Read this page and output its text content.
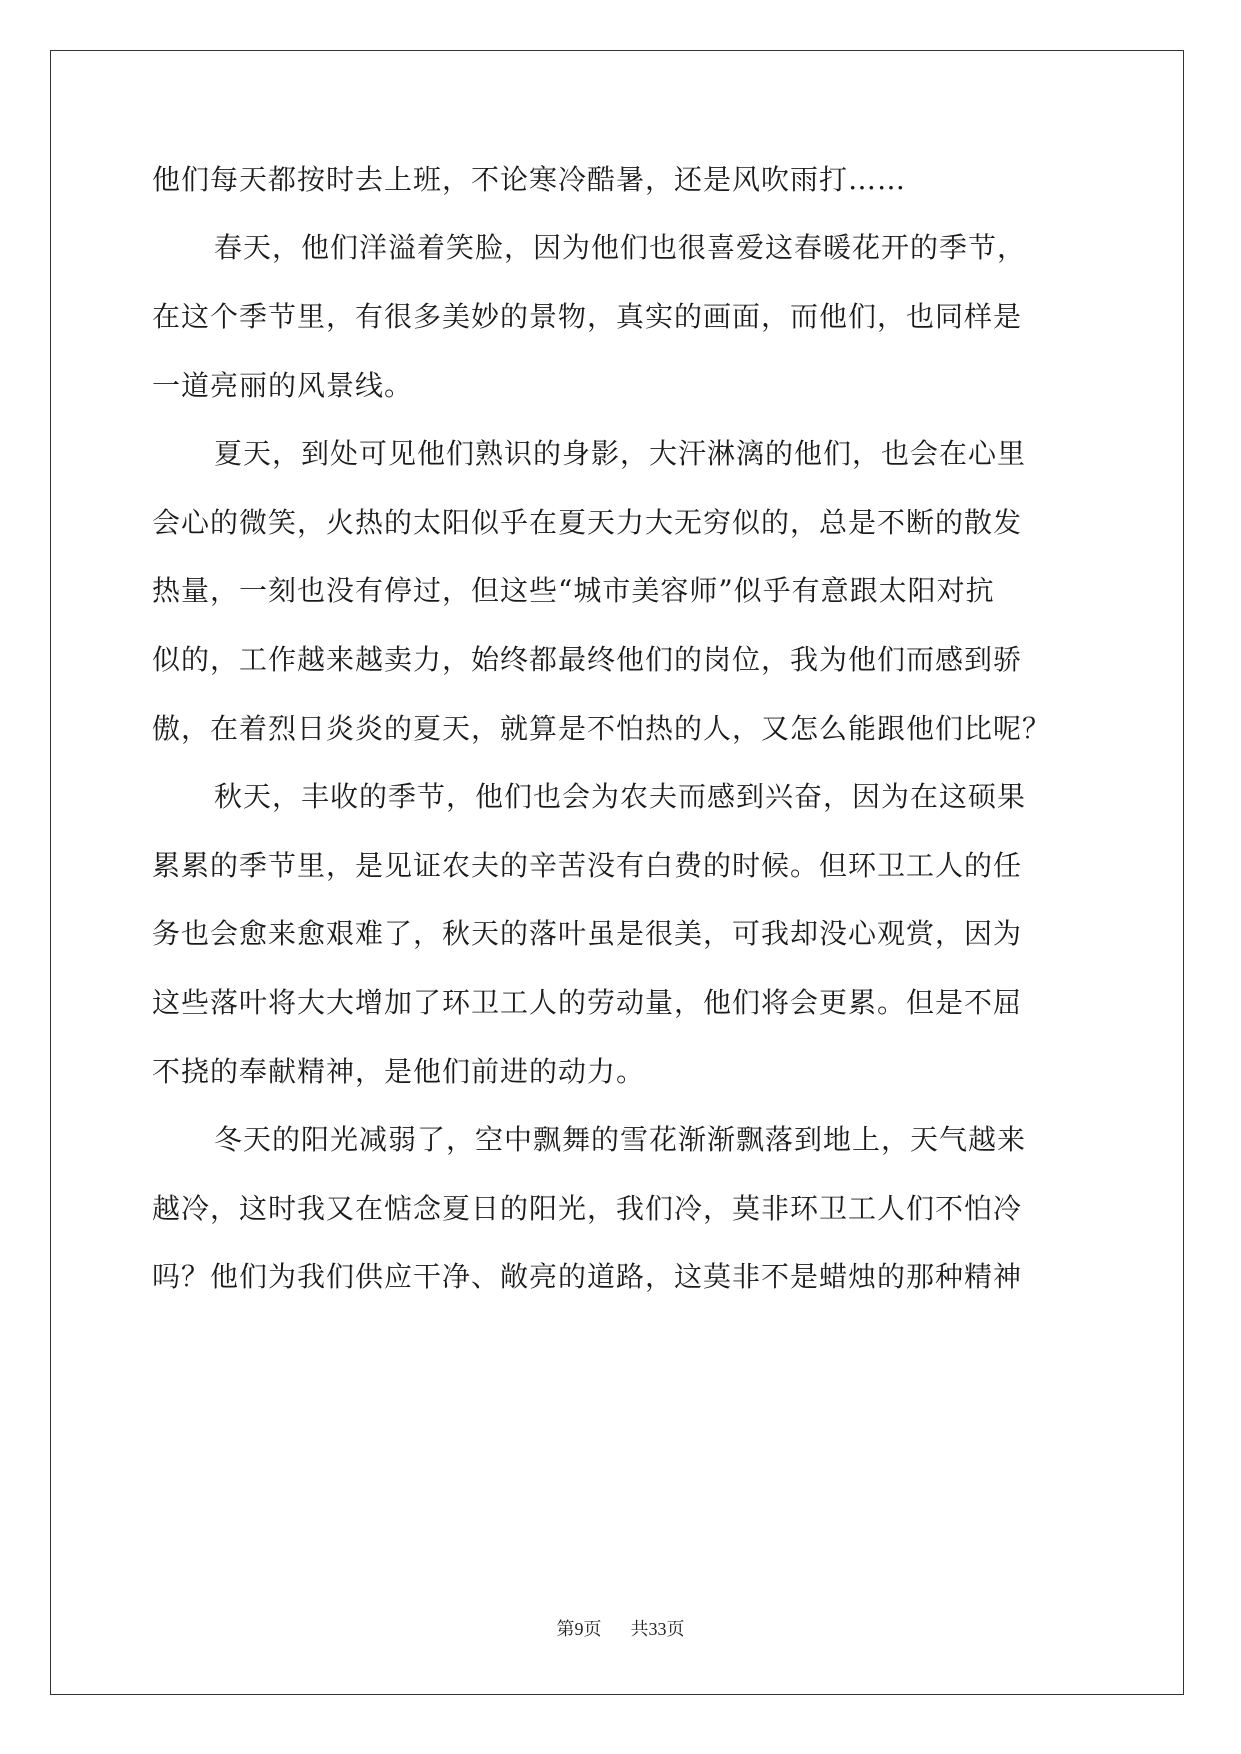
他们每天都按时去上班，不论寒冷酷暑，还是风吹雨打……
春天，他们洋溢着笑脸，因为他们也很喜爱这春暖花开的季节，
在这个季节里，有很多美妙的景物，真实的画面，而他们，也同样是
一道亮丽的风景线。
夏天，到处可见他们熟识的身影，大汗淋漓的他们，也会在心里
会心的微笑，火热的太阳似乎在夏天力大无穷似的，总是不断的散发
热量，一刻也没有停过，但这些“城市美容师”似乎有意跟太阳对抗
似的，工作越来越卖力，始终都最终他们的岗位，我为他们而感到骄
傲，在着烈日炎炎的夏天，就算是不怕热的人，又怎么能跟他们比呢？
秋天，丰收的季节，他们也会为农夫而感到兴奋，因为在这硕果
累累的季节里，是见证农夫的辛苦没有白费的时候。但环卫工人的任
务也会愈来愈艰难了，秋天的落叶虽是很美，可我却没心观赏，因为
这些落叶将大大增加了环卫工人的劳动量，他们将会更累。但是不屈
不挠的奉献精神，是他们前进的动力。
冬天的阳光减弱了，空中飘舞的雪花渐渐飘落到地上，天气越来
越冷，这时我又在惦念夏日的阳光，我们冷，莫非环卫工人们不怕冷
吗？他们为我们供应干净、敞亮的道路，这莫非不是蜡烛的那种精神
第9页 共33页
